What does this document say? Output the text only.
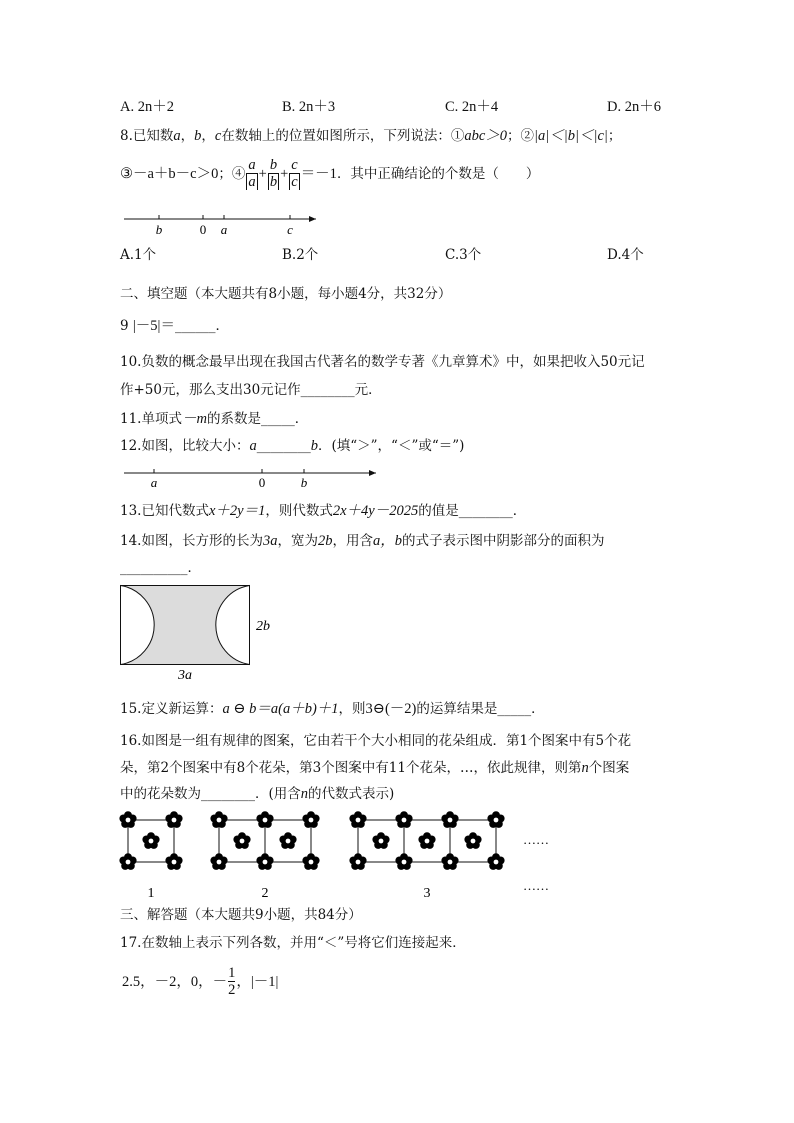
A. 2n＋2	B. 2n＋3	C. 2n＋4	D. 2n＋6
8.已知数a，b，c在数轴上的位置如图所示，下列说法：①abc＞0；②|a|＜|b|＜|c|；
③－a＋b－c＞0；④ $\frac{a}{a} + \frac{b}{b} + \frac{c}{c} =-1$．其中正确结论的个数是（　　）
b	0 a	c
A.1个	B.2个	C.3个	D.4个
二、填空题（本大题共有8小题，每小题4分，共32分）
9 |－5|＝______．
10.负数的概念最早出现在我国古代著名的数学专著《九章算术》中，如果把收入50元记
作+50元，那么支出30元记作________元．
11.单项式－m的系数是_____．
12.如图，比较大小：a________b．(填“＞”，“＜”或“＝”)
a	0	b
13.已知代数式x＋2y＝1，则代数式2x＋4y－2025的值是________．
14.如图，长方形的长为3a，宽为2b，用含a，b的式子表示图中阴影部分的面积为
__________．
2b
3a
15.定义新运算：a ⊖ b＝a(a＋b)＋1，则3⊖(－2)的运算结果是_____．
16.如图是一组有规律的图案，它由若干个大小相同的花朵组成．第1个图案中有5个花
朵，第2个图案中有8个花朵，第3个图案中有11个花朵，…，依此规律，则第n个图案
中的花朵数为________．(用含n的代数式表示)
……
……
1	2	3
三、解答题（本大题共9小题，共84分）
17.在数轴上表示下列各数，并用“＜”号将它们连接起来．
2.5，－2，0，－ $\frac{1}{2}$ ，|－1|
